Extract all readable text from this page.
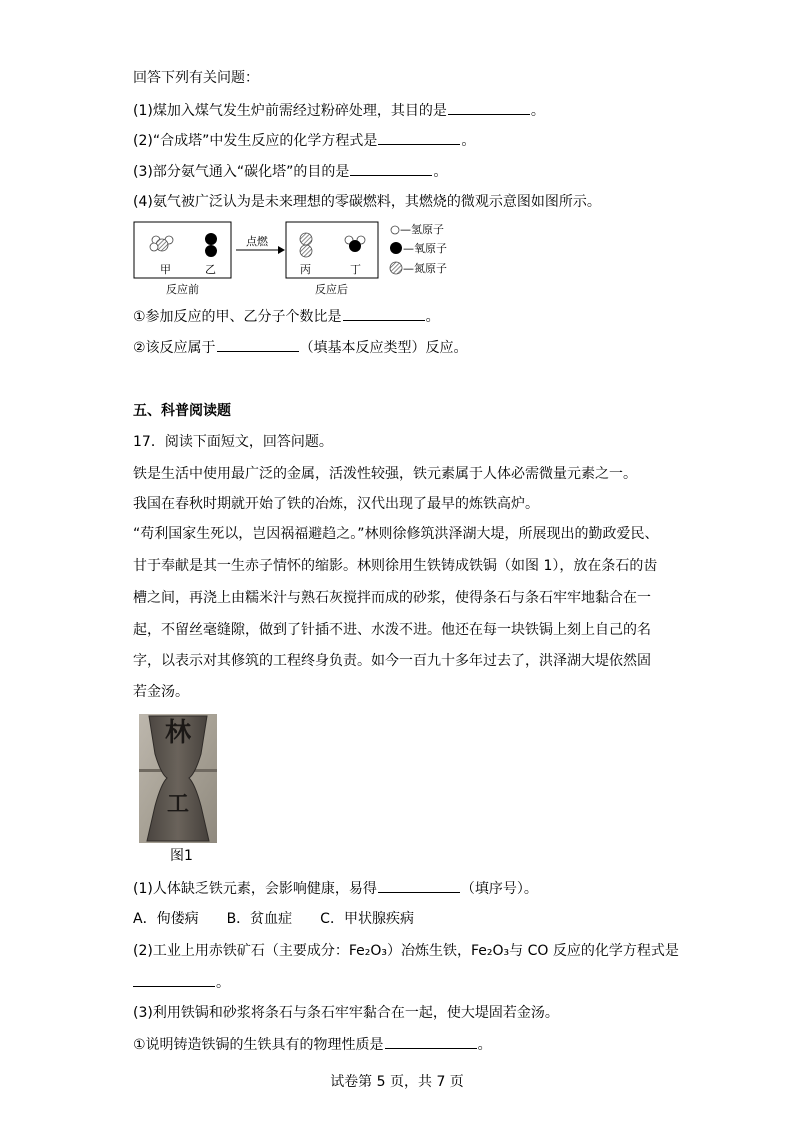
回答下列有关问题：
(1)煤加入煤气发生炉前需经过粉碎处理，其目的是	。
(2)“合成塔”中发生反应的化学方程式是	。
(3)部分氨气通入“碳化塔”的目的是	。
(4)氨气被广泛认为是未来理想的零碳燃料，其燃烧的微观示意图如图所示。
甲	乙	丙	丁
点燃
反应前	反应后
—氢原子
—氧原子
—氮原子
①参加反应的甲、乙分子个数比是	。
②该反应属于	（填基本反应类型）反应。
五、科普阅读题
17．阅读下面短文，回答问题。
铁是生活中使用最广泛的金属，活泼性较强，铁元素属于人体必需微量元素之一。
我国在春秋时期就开始了铁的冶炼，汉代出现了最早的炼铁高炉。
“苟利国家生死以，岂因祸福避趋之。”林则徐修筑洪泽湖大堤，所展现出的勤政爱民、
甘于奉献是其一生赤子情怀的缩影。林则徐用生铁铸成铁锔（如图 1），放在条石的齿
槽之间，再浇上由糯米汁与熟石灰搅拌而成的砂浆，使得条石与条石牢牢地黏合在一
起，不留丝毫缝隙，做到了针插不进、水泼不进。他还在每一块铁锔上刻上自己的名
字，以表示对其修筑的工程终身负责。如今一百九十多年过去了，洪泽湖大堤依然固
若金汤。
林
工
图1
(1)人体缺乏铁元素，会影响健康，易得	（填序号）。
A．佝偻病　　B．贫血症　　C．甲状腺疾病
(2)工业上用赤铁矿石（主要成分：Fe₂O₃）冶炼生铁，Fe₂O₃与 CO 反应的化学方程式是
。
(3)利用铁锔和砂浆将条石与条石牢牢黏合在一起，使大堤固若金汤。
①说明铸造铁锔的生铁具有的物理性质是	。
试卷第 5 页，共 7 页
